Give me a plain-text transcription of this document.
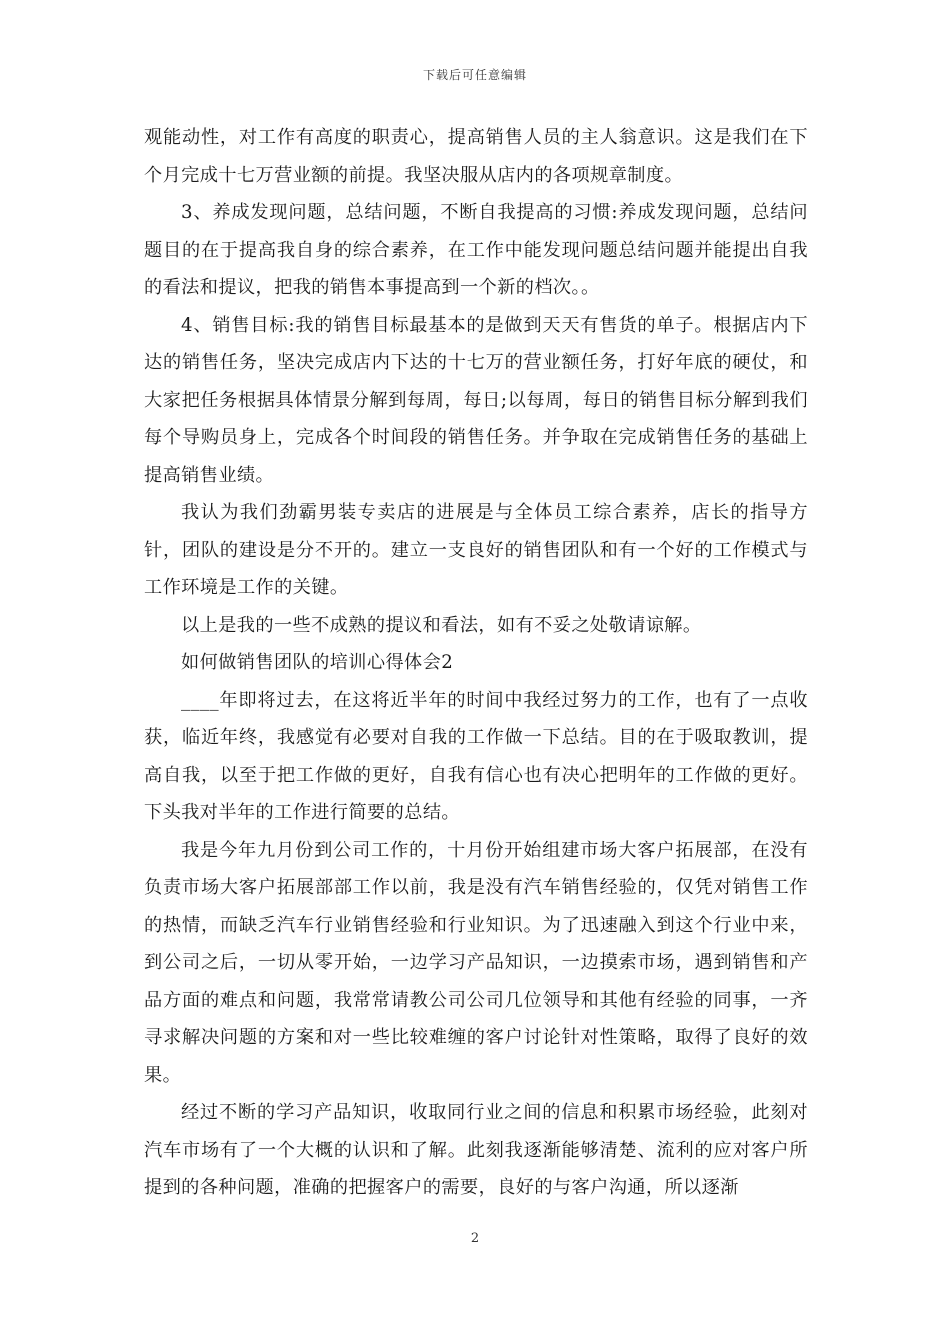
下载后可任意编辑

观能动性，对工作有高度的职责心，提高销售人员的主人翁意识。这是我们在下个月完成十七万营业额的前提。我坚决服从店内的各项规章制度。

3、养成发现问题，总结问题，不断自我提高的习惯:养成发现问题，总结问题目的在于提高我自身的综合素养，在工作中能发现问题总结问题并能提出自我的看法和提议，把我的销售本事提高到一个新的档次。。

4、销售目标:我的销售目标最基本的是做到天天有售货的单子。根据店内下达的销售任务，坚决完成店内下达的十七万的营业额任务，打好年底的硬仗，和大家把任务根据具体情景分解到每周，每日;以每周，每日的销售目标分解到我们每个导购员身上，完成各个时间段的销售任务。并争取在完成销售任务的基础上提高销售业绩。

我认为我们劲霸男装专卖店的进展是与全体员工综合素养，店长的指导方针，团队的建设是分不开的。建立一支良好的销售团队和有一个好的工作模式与工作环境是工作的关键。

以上是我的一些不成熟的提议和看法，如有不妥之处敬请谅解。

如何做销售团队的培训心得体会2

____年即将过去，在这将近半年的时间中我经过努力的工作，也有了一点收获，临近年终，我感觉有必要对自我的工作做一下总结。目的在于吸取教训，提高自我，以至于把工作做的更好，自我有信心也有决心把明年的工作做的更好。下头我对半年的工作进行简要的总结。

我是今年九月份到公司工作的，十月份开始组建市场大客户拓展部，在没有负责市场大客户拓展部部工作以前，我是没有汽车销售经验的，仅凭对销售工作的热情，而缺乏汽车行业销售经验和行业知识。为了迅速融入到这个行业中来，到公司之后，一切从零开始，一边学习产品知识，一边摸索市场，遇到销售和产品方面的难点和问题，我常常请教公司公司几位领导和其他有经验的同事，一齐寻求解决问题的方案和对一些比较难缠的客户讨论针对性策略，取得了良好的效果。

经过不断的学习产品知识，收取同行业之间的信息和积累市场经验，此刻对汽车市场有了一个大概的认识和了解。此刻我逐渐能够清楚、流利的应对客户所提到的各种问题，准确的把握客户的需要，良好的与客户沟通，所以逐渐

2
